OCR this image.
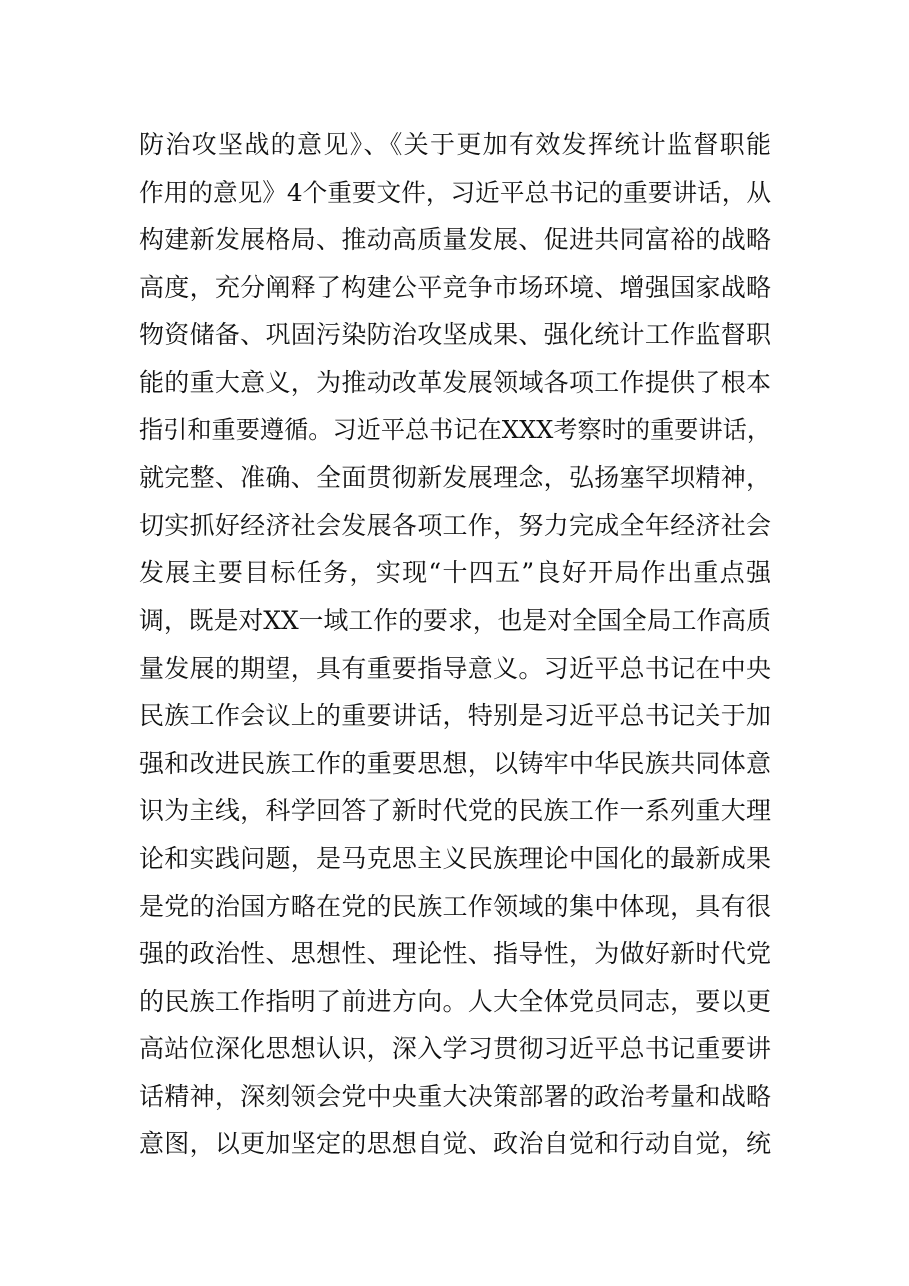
防治攻坚战的意见》、《关于更加有效发挥统计监督职能
作用的意见》4个重要文件，习近平总书记的重要讲话，从
构建新发展格局、推动高质量发展、促进共同富裕的战略
高度，充分阐释了构建公平竞争市场环境、增强国家战略
物资储备、巩固污染防治攻坚成果、强化统计工作监督职
能的重大意义，为推动改革发展领域各项工作提供了根本
指引和重要遵循。习近平总书记在XXX考察时的重要讲话，
就完整、准确、全面贯彻新发展理念，弘扬塞罕坝精神，
切实抓好经济社会发展各项工作，努力完成全年经济社会
发展主要目标任务，实现“十四五”良好开局作出重点强
调，既是对XX一域工作的要求，也是对全国全局工作高质
量发展的期望，具有重要指导意义。习近平总书记在中央
民族工作会议上的重要讲话，特别是习近平总书记关于加
强和改进民族工作的重要思想，以铸牢中华民族共同体意
识为主线，科学回答了新时代党的民族工作一系列重大理
论和实践问题，是马克思主义民族理论中国化的最新成果
是党的治国方略在党的民族工作领域的集中体现，具有很
强的政治性、思想性、理论性、指导性，为做好新时代党
的民族工作指明了前进方向。人大全体党员同志，要以更
高站位深化思想认识，深入学习贯彻习近平总书记重要讲
话精神，深刻领会党中央重大决策部署的政治考量和战略
意图，以更加坚定的思想自觉、政治自觉和行动自觉，统
